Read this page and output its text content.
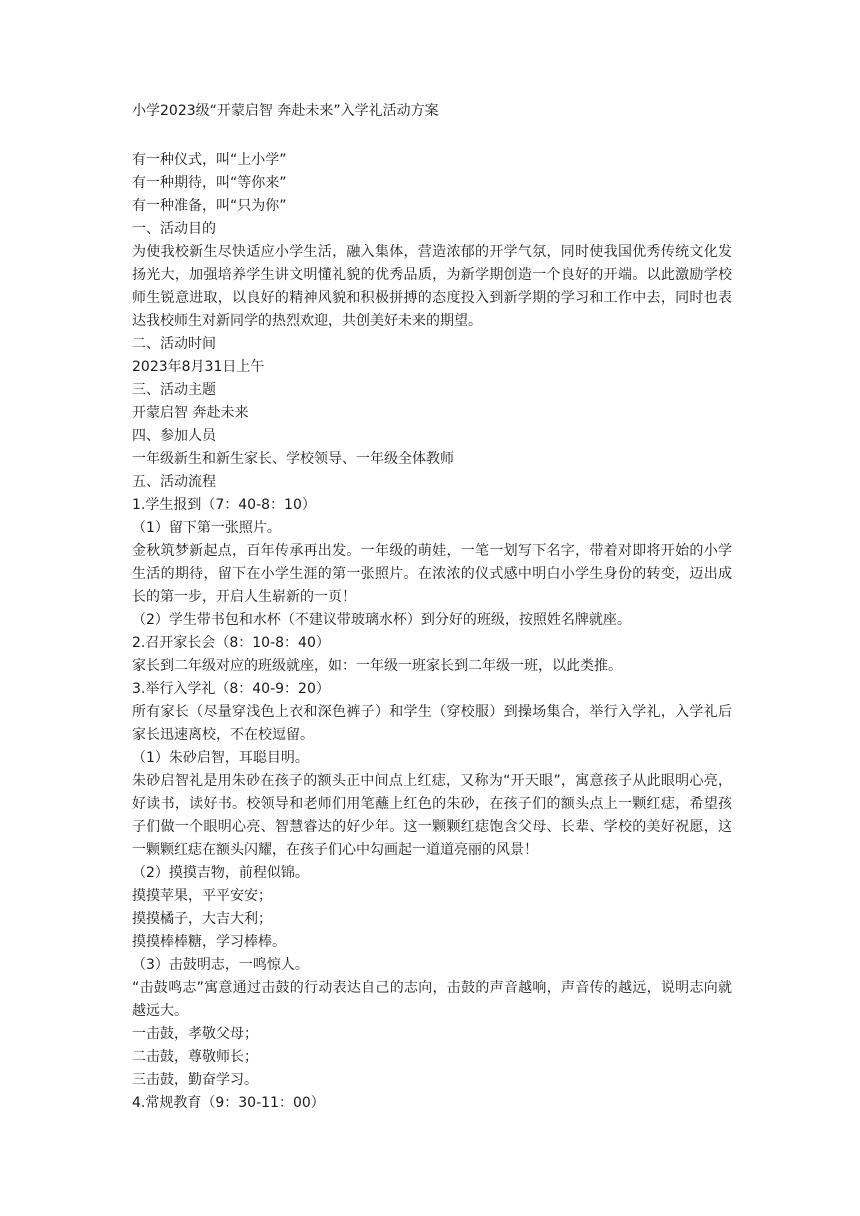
小学2023级“开蒙启智 奔赴未来”入学礼活动方案

有一种仪式，叫“上小学”

有一种期待，叫“等你来”

有一种准备，叫“只为你”

一、活动目的

为使我校新生尽快适应小学生活，融入集体，营造浓郁的开学气氛，同时使我国优秀传统文化发扬光大，加强培养学生讲文明懂礼貌的优秀品质，为新学期创造一个良好的开端。以此激励学校师生锐意进取，以良好的精神风貌和积极拼搏的态度投入到新学期的学习和工作中去，同时也表达我校师生对新同学的热烈欢迎，共创美好未来的期望。

二、活动时间

2023年8月31日上午

三、活动主题

开蒙启智 奔赴未来

四、参加人员

一年级新生和新生家长、学校领导、一年级全体教师

五、活动流程

1.学生报到（7：40-8：10）

（1）留下第一张照片。

金秋筑梦新起点，百年传承再出发。一年级的萌娃，一笔一划写下名字，带着对即将开始的小学生活的期待，留下在小学生涯的第一张照片。在浓浓的仪式感中明白小学生身份的转变，迈出成长的第一步，开启人生崭新的一页！

（2）学生带书包和水杯（不建议带玻璃水杯）到分好的班级，按照姓名牌就座。

2.召开家长会（8：10-8：40）

家长到二年级对应的班级就座，如：一年级一班家长到二年级一班，以此类推。

3.举行入学礼（8：40-9：20）

所有家长（尽量穿浅色上衣和深色裤子）和学生（穿校服）到操场集合，举行入学礼，入学礼后家长迅速离校，不在校逗留。

（1）朱砂启智，耳聪目明。

朱砂启智礼是用朱砂在孩子的额头正中间点上红痣，又称为“开天眼”，寓意孩子从此眼明心亮，好读书，读好书。校领导和老师们用笔蘸上红色的朱砂，在孩子们的额头点上一颗红痣，希望孩子们做一个眼明心亮、智慧睿达的好少年。这一颗颗红痣饱含父母、长辈、学校的美好祝愿，这一颗颗红痣在额头闪耀，在孩子们心中勾画起一道道亮丽的风景！

（2）摸摸吉物，前程似锦。

摸摸苹果，平平安安；

摸摸橘子，大吉大利；

摸摸棒棒糖，学习棒棒。

（3）击鼓明志，一鸣惊人。

“击鼓鸣志”寓意通过击鼓的行动表达自己的志向，击鼓的声音越响，声音传的越远，说明志向就越远大。

一击鼓，孝敬父母；

二击鼓，尊敬师长；

三击鼓，勤奋学习。

4.常规教育（9：30-11：00）
